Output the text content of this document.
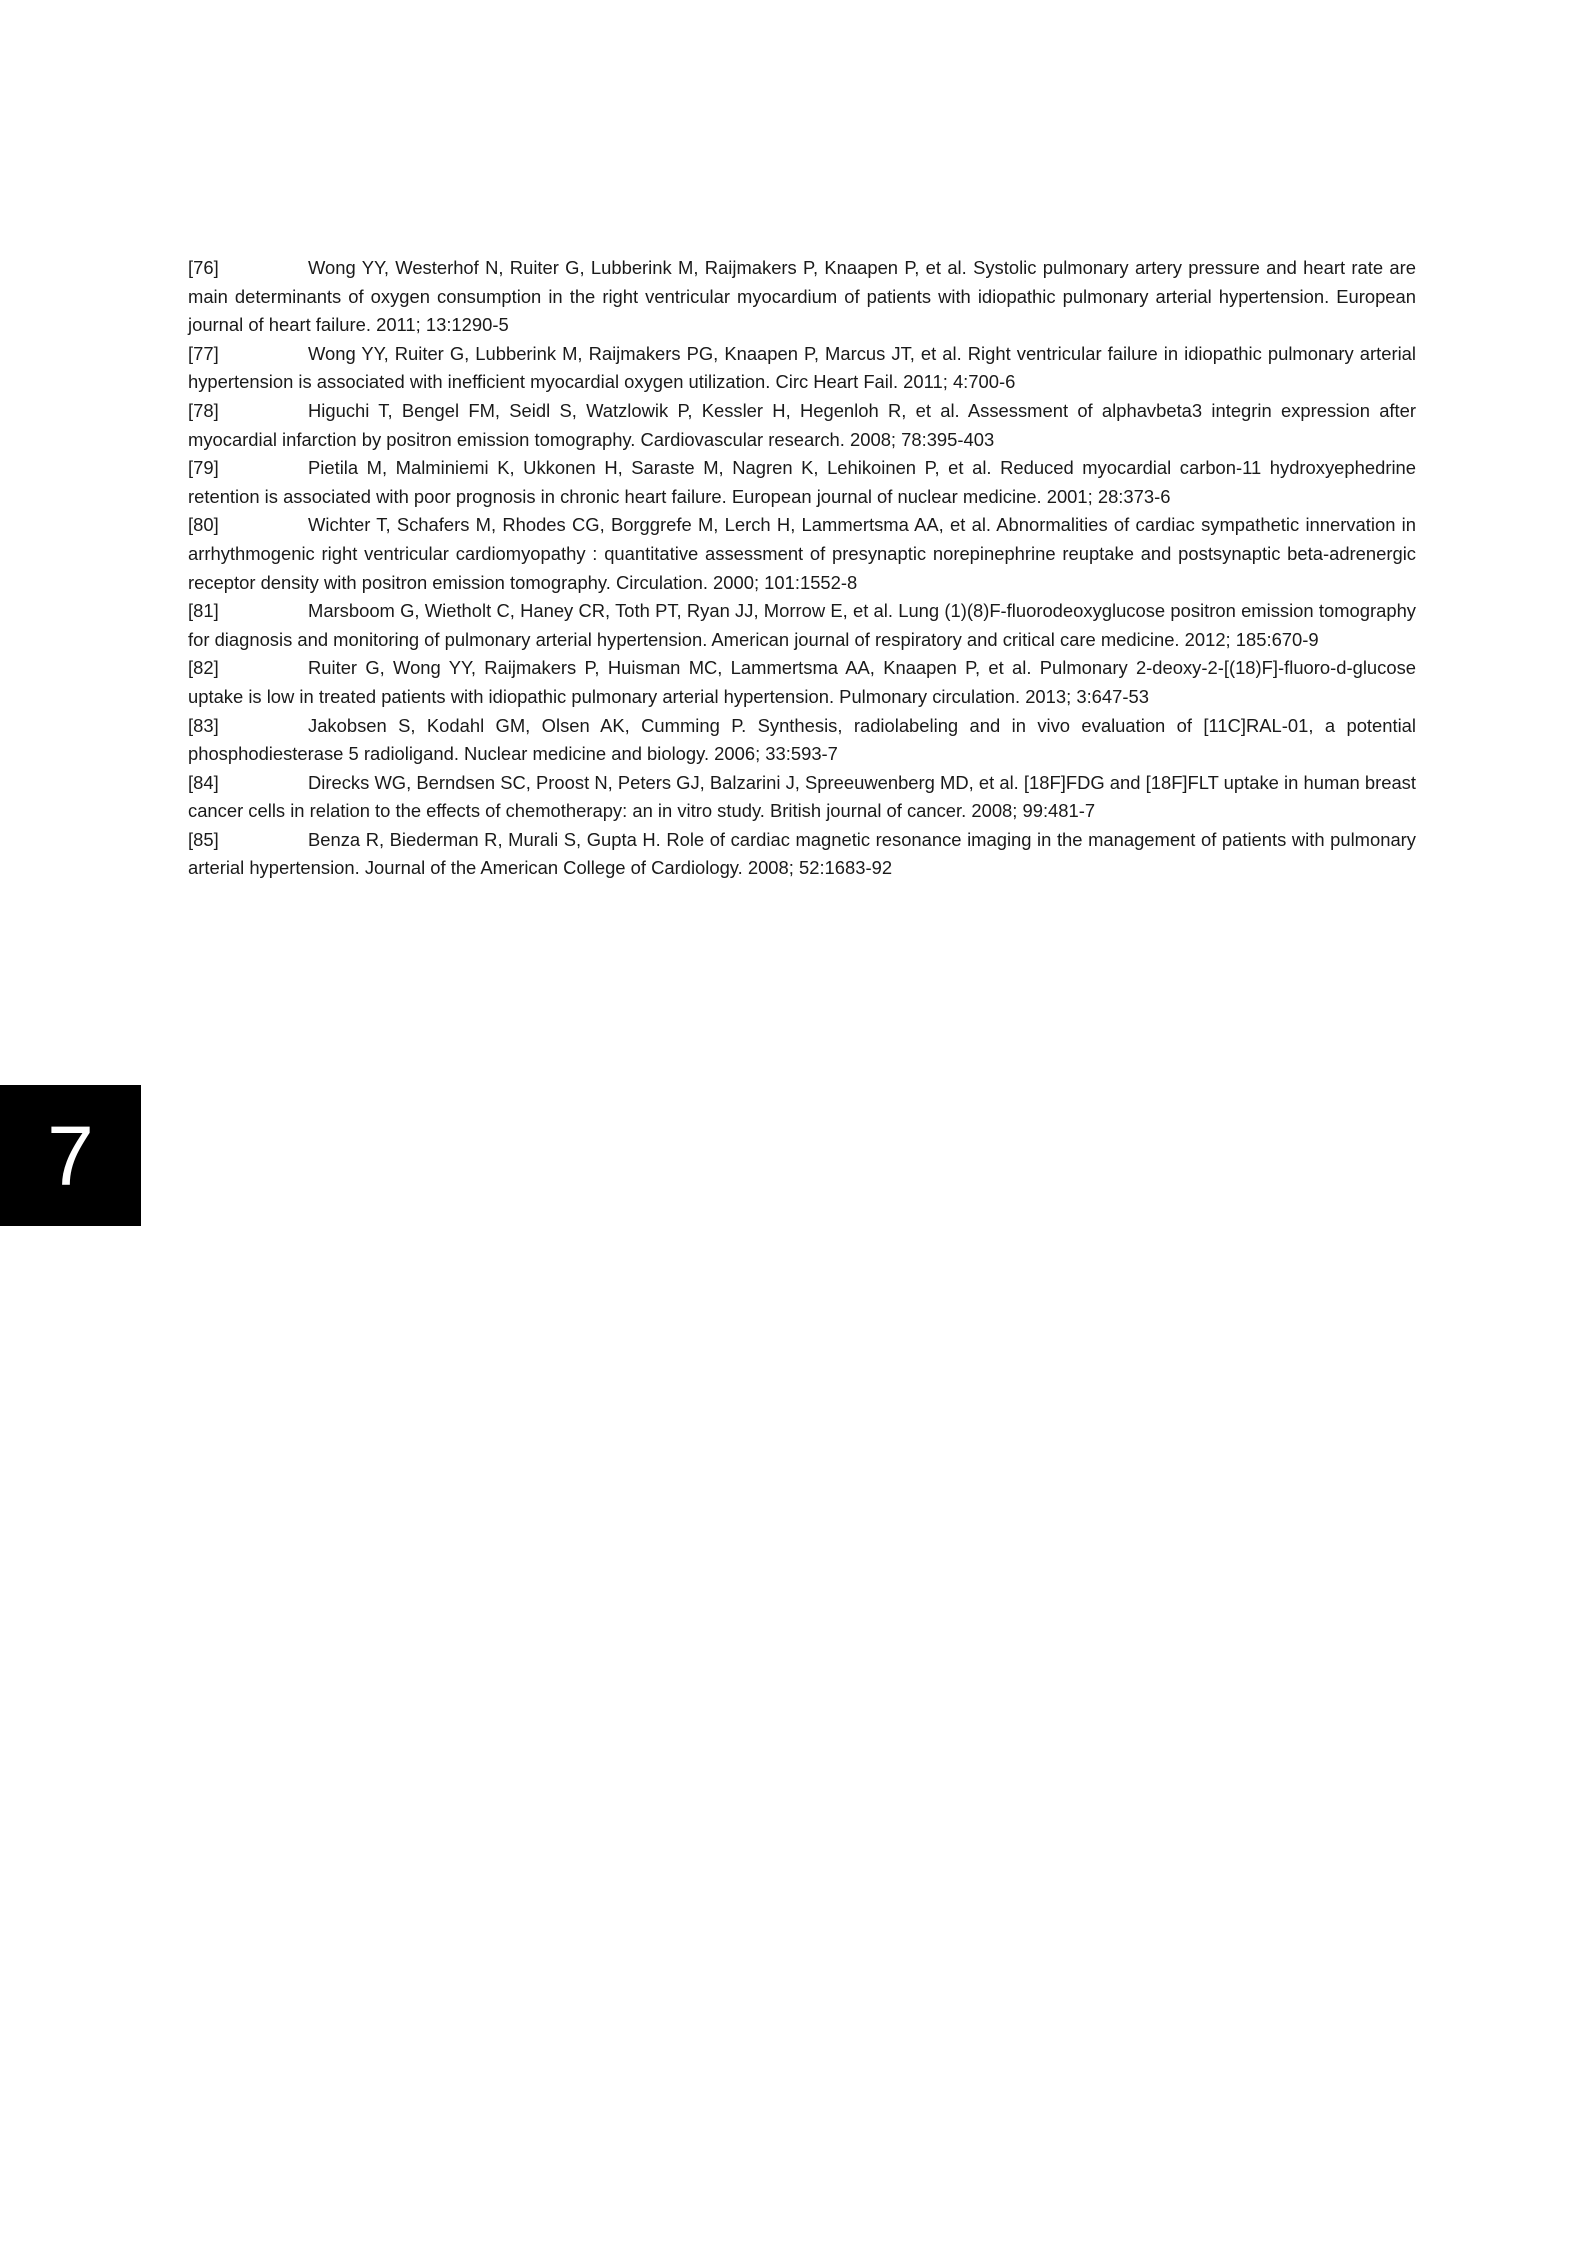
[76]	Wong YY, Westerhof N, Ruiter G, Lubberink M, Raijmakers P, Knaapen P, et al. Systolic pulmonary artery pressure and heart rate are main determinants of oxygen consumption in the right ventricular myocardium of patients with idiopathic pulmonary arterial hypertension. European journal of heart failure. 2011; 13:1290-5
[77]	Wong YY, Ruiter G, Lubberink M, Raijmakers PG, Knaapen P, Marcus JT, et al. Right ventricular failure in idiopathic pulmonary arterial hypertension is associated with inefficient myocardial oxygen utilization. Circ Heart Fail. 2011; 4:700-6
[78]	Higuchi T, Bengel FM, Seidl S, Watzlowik P, Kessler H, Hegenloh R, et al. Assessment of alphavbeta3 integrin expression after myocardial infarction by positron emission tomography. Cardiovascular research. 2008; 78:395-403
[79]	Pietila M, Malminiemi K, Ukkonen H, Saraste M, Nagren K, Lehikoinen P, et al. Reduced myocardial carbon-11 hydroxyephedrine retention is associated with poor prognosis in chronic heart failure. European journal of nuclear medicine. 2001; 28:373-6
[80]	Wichter T, Schafers M, Rhodes CG, Borggrefe M, Lerch H, Lammertsma AA, et al. Abnormalities of cardiac sympathetic innervation in arrhythmogenic right ventricular cardiomyopathy : quantitative assessment of presynaptic norepinephrine reuptake and postsynaptic beta-adrenergic receptor density with positron emission tomography. Circulation. 2000; 101:1552-8
[81]	Marsboom G, Wietholt C, Haney CR, Toth PT, Ryan JJ, Morrow E, et al. Lung (1)(8)F-fluorodeoxyglucose positron emission tomography for diagnosis and monitoring of pulmonary arterial hypertension. American journal of respiratory and critical care medicine. 2012; 185:670-9
[82]	Ruiter G, Wong YY, Raijmakers P, Huisman MC, Lammertsma AA, Knaapen P, et al. Pulmonary 2-deoxy-2-[(18)F]-fluoro-d-glucose uptake is low in treated patients with idiopathic pulmonary arterial hypertension. Pulmonary circulation. 2013; 3:647-53
[83]	Jakobsen S, Kodahl GM, Olsen AK, Cumming P. Synthesis, radiolabeling and in vivo evaluation of [11C]RAL-01, a potential phosphodiesterase 5 radioligand. Nuclear medicine and biology. 2006; 33:593-7
[84]	Direcks WG, Berndsen SC, Proost N, Peters GJ, Balzarini J, Spreeuwenberg MD, et al. [18F]FDG and [18F]FLT uptake in human breast cancer cells in relation to the effects of chemotherapy: an in vitro study. British journal of cancer. 2008; 99:481-7
[85]	Benza R, Biederman R, Murali S, Gupta H. Role of cardiac magnetic resonance imaging in the management of patients with pulmonary arterial hypertension. Journal of the American College of Cardiology. 2008; 52:1683-92
7
